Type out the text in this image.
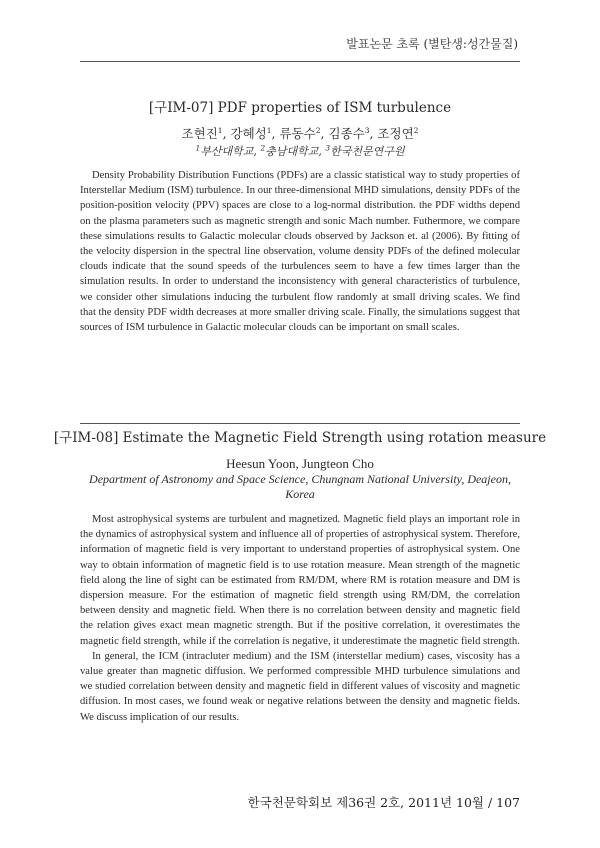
발표논문 초록 (별탄생:성간물질)
[구IM-07] PDF properties of ISM turbulence
조현진$^1$, 강혜성$^1$, 류동수$^2$, 김종수$^3$, 조정연$^2$
$^1$부산대학교, $^2$충남대학교, $^3$한국천문연구원

Density Probability Distribution Functions (PDFs) are a classic statistical way to study properties of Interstellar Medium (ISM) turbulence. In our three-dimensional MHD simulations, density PDFs of the position-position velocity (PPV) spaces are close to a log-normal distribution. the PDF widths depend on the plasma parameters such as magnetic strength and sonic Mach number. Futhermore, we compare these simulations results to Galactic molecular clouds observed by Jackson et. al (2006). By fitting of the velocity dispersion in the spectral line observation, volume density PDFs of the defined molecular clouds indicate that the sound speeds of the turbulences seem to have a few times larger than the simulation results. In order to understand the inconsistency with general characteristics of turbulence, we consider other simulations inducing the turbulent flow randomly at small driving scales. We find that the density PDF width decreases at more smaller driving scale. Finally, the simulations suggest that sources of ISM turbulence in Galactic molecular clouds can be important on small scales.

[구IM-08] Estimate the Magnetic Field Strength using rotation measure
Heesun Yoon, Jungteon Cho
Department of Astronomy and Space Science, Chungnam National University, Deajeon, Korea

Most astrophysical systems are turbulent and magnetized. Magnetic field plays an important role in the dynamics of astrophysical system and influence all of properties of astrophysical system. Therefore, information of magnetic field is very important to understand properties of astrophysical system. One way to obtain information of magnetic field is to use rotation measure. Mean strength of the magnetic field along the line of sight can be estimated from RM/DM, where RM is rotation measure and DM is dispersion measure. For the estimation of magnetic field strength using RM/DM, the correlation between density and magnetic field. When there is no correlation between density and magnetic field the relation gives exact mean magnetic strength. But if the positive correlation, it overestimates the magnetic field strength, while if the correlation is negative, it underestimate the magnetic field strength.

In general, the ICM (intracluter medium) and the ISM (interstellar medium) cases, viscosity has a value greater than magnetic diffusion. We performed compressible MHD turbulence simulations and we studied correlation between density and magnetic field in different values of viscosity and magnetic diffusion. In most cases, we found weak or negative relations between the density and magnetic fields. We discuss implication of our results.

한국천문학회보 제36권 2호, 2011년 10월 / 107
